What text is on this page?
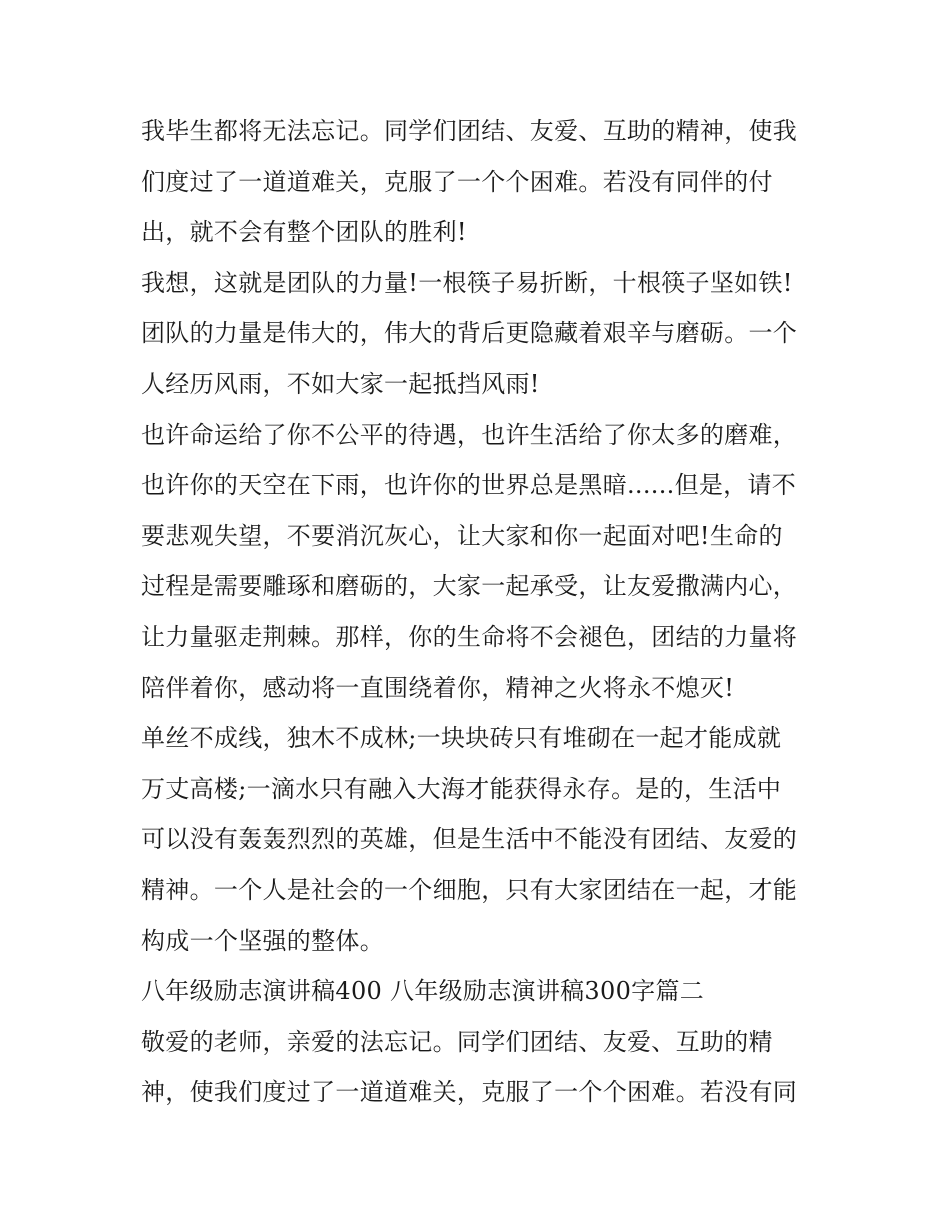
我毕生都将无法忘记。同学们团结、友爱、互助的精神，使我
们度过了一道道难关，克服了一个个困难。若没有同伴的付
出，就不会有整个团队的胜利!
我想，这就是团队的力量!一根筷子易折断，十根筷子坚如铁!
团队的力量是伟大的，伟大的背后更隐藏着艰辛与磨砺。一个
人经历风雨，不如大家一起抵挡风雨!
也许命运给了你不公平的待遇，也许生活给了你太多的磨难，
也许你的天空在下雨，也许你的世界总是黑暗......但是，请不
要悲观失望，不要消沉灰心，让大家和你一起面对吧!生命的
过程是需要雕琢和磨砺的，大家一起承受，让友爱撒满内心，
让力量驱走荆棘。那样，你的生命将不会褪色，团结的力量将
陪伴着你，感动将一直围绕着你，精神之火将永不熄灭!
单丝不成线，独木不成林;一块块砖只有堆砌在一起才能成就
万丈高楼;一滴水只有融入大海才能获得永存。是的，生活中
可以没有轰轰烈烈的英雄，但是生活中不能没有团结、友爱的
精神。一个人是社会的一个细胞，只有大家团结在一起，才能
构成一个坚强的整体。
八年级励志演讲稿400 八年级励志演讲稿300字篇二
敬爱的老师，亲爱的法忘记。同学们团结、友爱、互助的精
神，使我们度过了一道道难关，克服了一个个困难。若没有同
